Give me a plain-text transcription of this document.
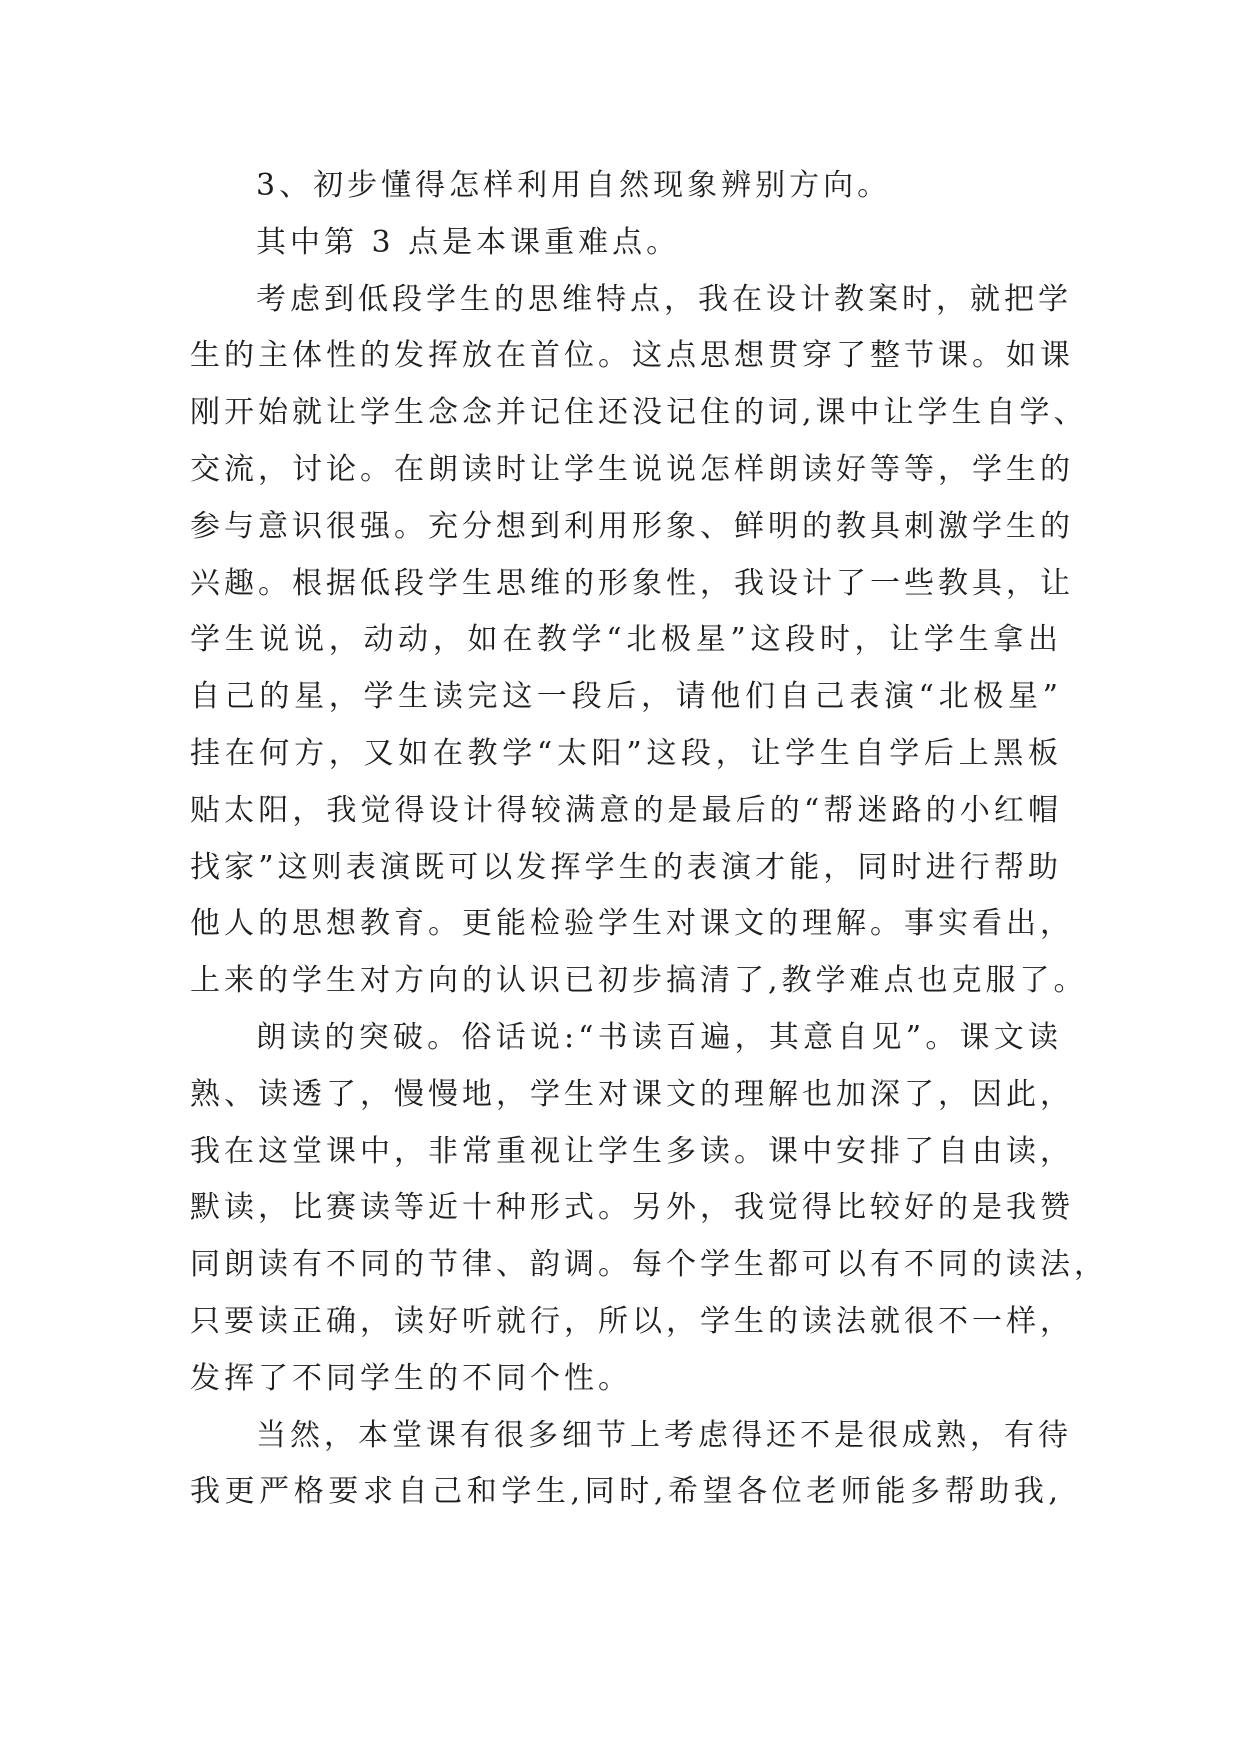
3、初步懂得怎样利用自然现象辨别方向。
其中第 3 点是本课重难点。
考虑到低段学生的思维特点，我在设计教案时，就把学
生的主体性的发挥放在首位。这点思想贯穿了整节课。如课
刚开始就让学生念念并记住还没记住的词,课中让学生自学、
交流，讨论。在朗读时让学生说说怎样朗读好等等，学生的
参与意识很强。充分想到利用形象、鲜明的教具刺激学生的
兴趣。根据低段学生思维的形象性，我设计了一些教具，让
学生说说，动动，如在教学“北极星”这段时，让学生拿出
自己的星，学生读完这一段后，请他们自己表演“北极星”
挂在何方，又如在教学“太阳”这段，让学生自学后上黑板
贴太阳，我觉得设计得较满意的是最后的“帮迷路的小红帽
找家”这则表演既可以发挥学生的表演才能，同时进行帮助
他人的思想教育。更能检验学生对课文的理解。事实看出，
上来的学生对方向的认识已初步搞清了,教学难点也克服了。
朗读的突破。俗话说:“书读百遍，其意自见”。课文读
熟、读透了，慢慢地，学生对课文的理解也加深了，因此，
我在这堂课中，非常重视让学生多读。课中安排了自由读，
默读，比赛读等近十种形式。另外，我觉得比较好的是我赞
同朗读有不同的节律、韵调。每个学生都可以有不同的读法，
只要读正确，读好听就行，所以，学生的读法就很不一样，
发挥了不同学生的不同个性。
当然，本堂课有很多细节上考虑得还不是很成熟，有待
我更严格要求自己和学生,同时,希望各位老师能多帮助我,
